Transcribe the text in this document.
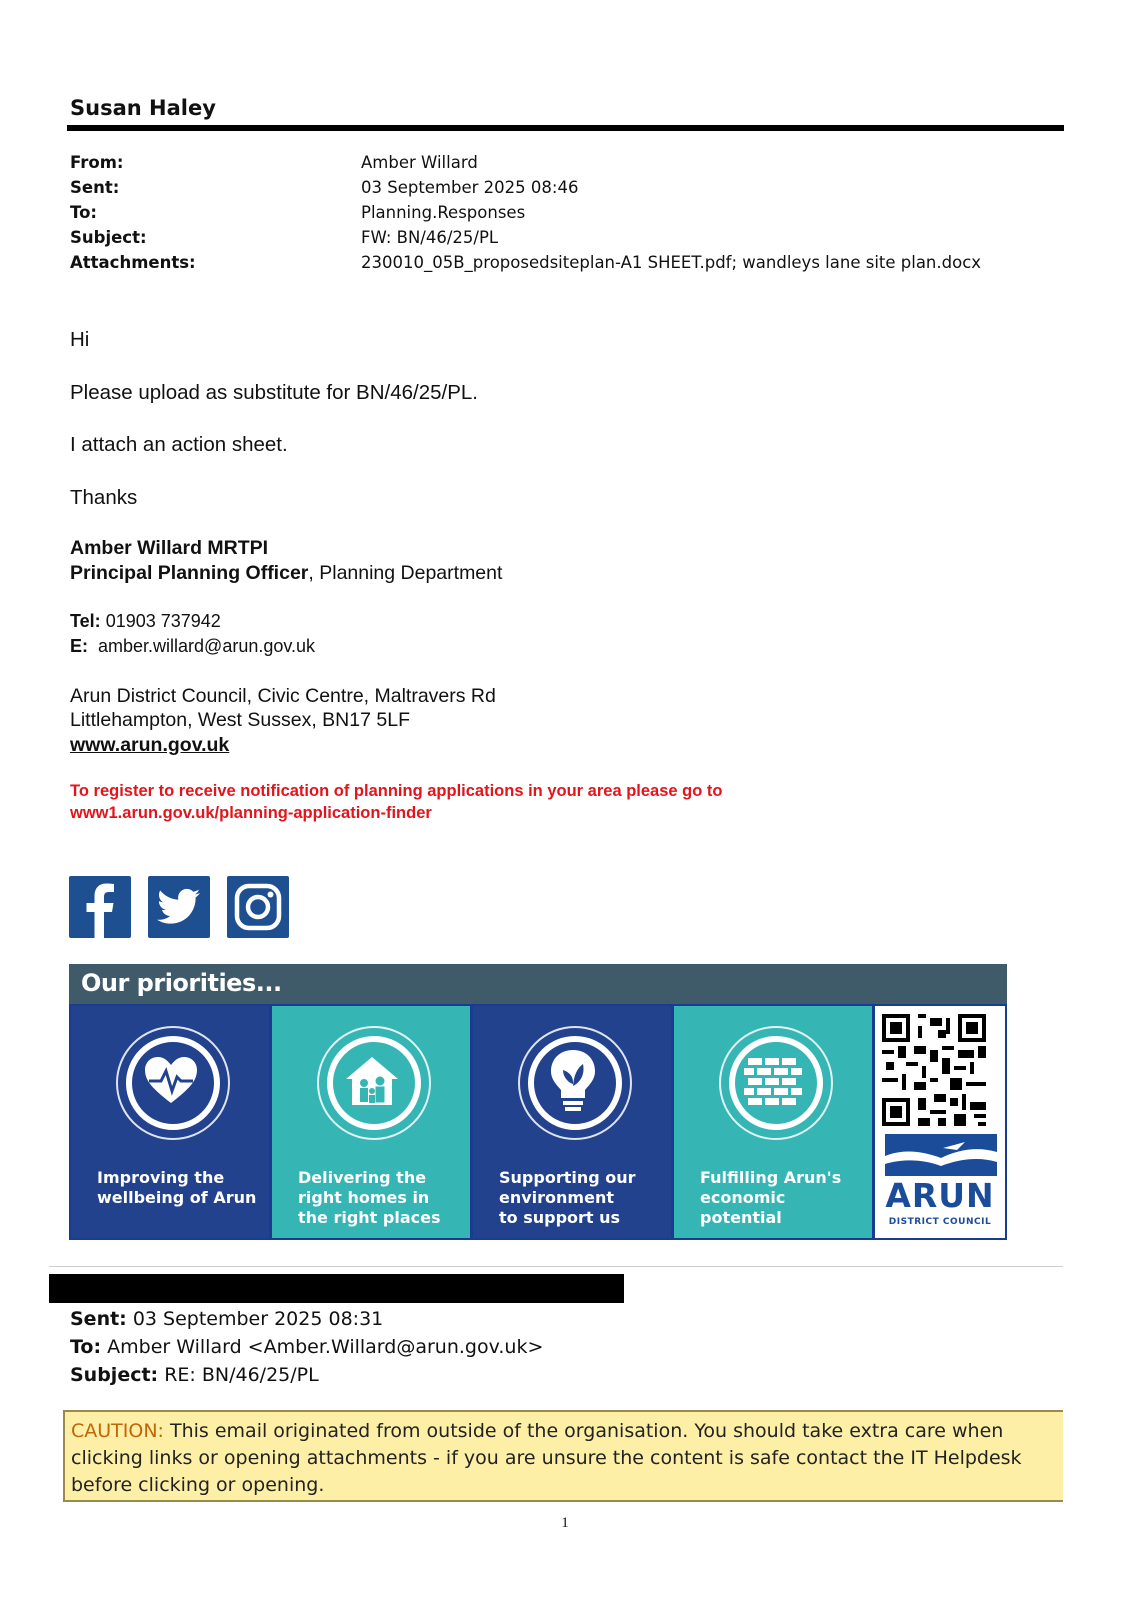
Susan Haley
From:	Amber Willard
Sent:	03 September 2025 08:46
To:	Planning.Responses
Subject:	FW: BN/46/25/PL
Attachments:	230010_05B_proposedsiteplan-A1 SHEET.pdf; wandleys lane site plan.docx
Hi
Please upload as substitute for BN/46/25/PL.
I attach an action sheet.
Thanks
Amber Willard MRTPI
Principal Planning Officer, Planning Department
Tel: 01903 737942
E: amber.willard@arun.gov.uk
Arun District Council, Civic Centre, Maltravers Rd
Littlehampton, West Sussex, BN17 5LF
www.arun.gov.uk
To register to receive notification of planning applications in your area please go to
www1.arun.gov.uk/planning-application-finder
Our priorities...
Improving the
wellbeing of Arun
Delivering the
right homes in
the right places
Supporting our
environment
to support us
Fulfilling Arun's
economic potential
ARUN
DISTRICT COUNCIL
Sent: 03 September 2025 08:31
To: Amber Willard <Amber.Willard@arun.gov.uk>
Subject: RE: BN/46/25/PL
CAUTION: This email originated from outside of the organisation. You should take extra care when clicking links or opening attachments - if you are unsure the content is safe contact the IT Helpdesk before clicking or opening.
1
